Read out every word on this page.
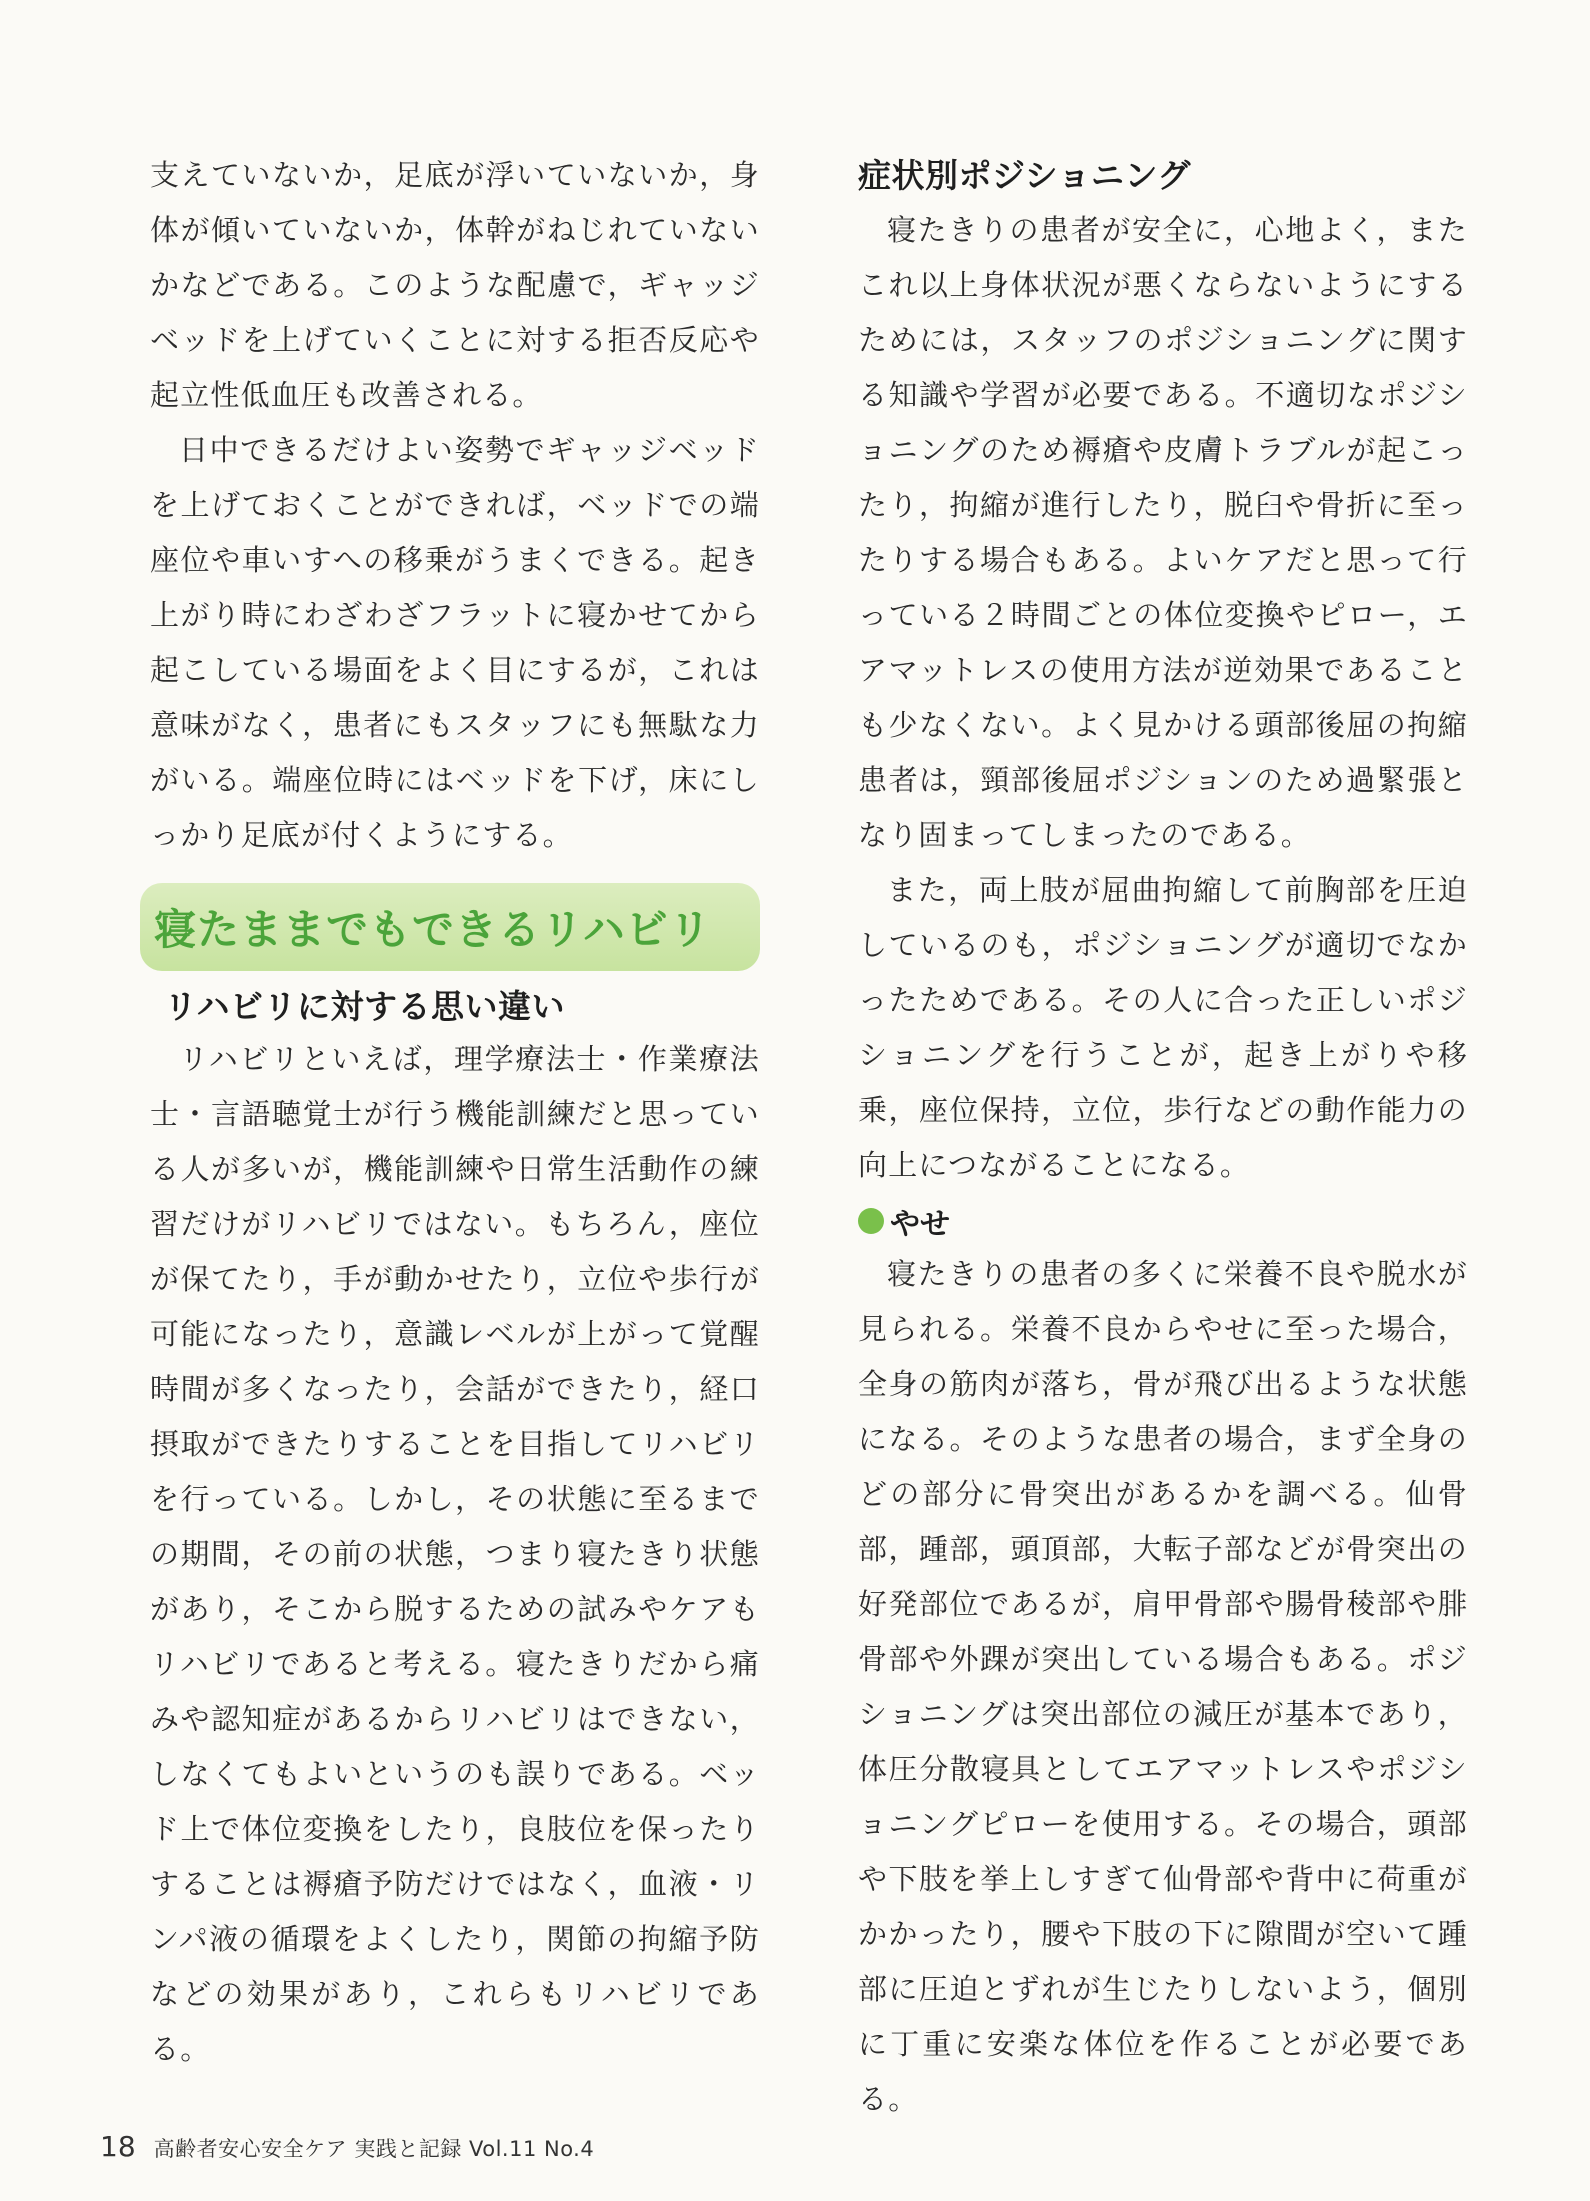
支えていないか，足底が浮いていないか，身体が傾いていないか，体幹がねじれていないかなどである。このような配慮で，ギャッジベッドを上げていくことに対する拒否反応や起立性低血圧も改善される。

日中できるだけよい姿勢でギャッジベッドを上げておくことができれば，ベッドでの端座位や車いすへの移乗がうまくできる。起き上がり時にわざわざフラットに寝かせてから起こしている場面をよく目にするが，これは意味がなく，患者にもスタッフにも無駄な力がいる。端座位時にはベッドを下げ，床にしっかり足底が付くようにする。

寝たままでもできるリハビリ
リハビリに対する思い違い

リハビリといえば，理学療法士・作業療法士・言語聴覚士が行う機能訓練だと思っている人が多いが，機能訓練や日常生活動作の練習だけがリハビリではない。もちろん，座位が保てたり，手が動かせたり，立位や歩行が可能になったり，意識レベルが上がって覚醒時間が多くなったり，会話ができたり，経口摂取ができたりすることを目指してリハビリを行っている。しかし，その状態に至るまでの期間，その前の状態，つまり寝たきり状態があり，そこから脱するための試みやケアもリハビリであると考える。寝たきりだから痛みや認知症があるからリハビリはできない，しなくてもよいというのも誤りである。ベッド上で体位変換をしたり，良肢位を保ったりすることは褥瘡予防だけではなく，血液・リンパ液の循環をよくしたり，関節の拘縮予防などの効果があり，これらもリハビリである。

症状別ポジショニング

寝たきりの患者が安全に，心地よく，またこれ以上身体状況が悪くならないようにするためには，スタッフのポジショニングに関する知識や学習が必要である。不適切なポジショニングのため褥瘡や皮膚トラブルが起こったり，拘縮が進行したり，脱臼や骨折に至ったりする場合もある。よいケアだと思って行っている２時間ごとの体位変換やピロー，エアマットレスの使用方法が逆効果であることも少なくない。よく見かける頭部後屈の拘縮患者は，頸部後屈ポジションのため過緊張となり固まってしまったのである。

また，両上肢が屈曲拘縮して前胸部を圧迫しているのも，ポジショニングが適切でなかったためである。その人に合った正しいポジショニングを行うことが，起き上がりや移乗，座位保持，立位，歩行などの動作能力の向上につながることになる。

やせ

寝たきりの患者の多くに栄養不良や脱水が見られる。栄養不良からやせに至った場合，全身の筋肉が落ち，骨が飛び出るような状態になる。そのような患者の場合，まず全身のどの部分に骨突出があるかを調べる。仙骨部，踵部，頭頂部，大転子部などが骨突出の好発部位であるが，肩甲骨部や腸骨稜部や腓骨部や外踝が突出している場合もある。ポジショニングは突出部位の減圧が基本であり，体圧分散寝具としてエアマットレスやポジショニングピローを使用する。その場合，頭部や下肢を挙上しすぎて仙骨部や背中に荷重がかかったり，腰や下肢の下に隙間が空いて踵部に圧迫とずれが生じたりしないよう，個別に丁重に安楽な体位を作ることが必要である。

18 高齢者安心安全ケア 実践と記録 Vol.11 No.4
